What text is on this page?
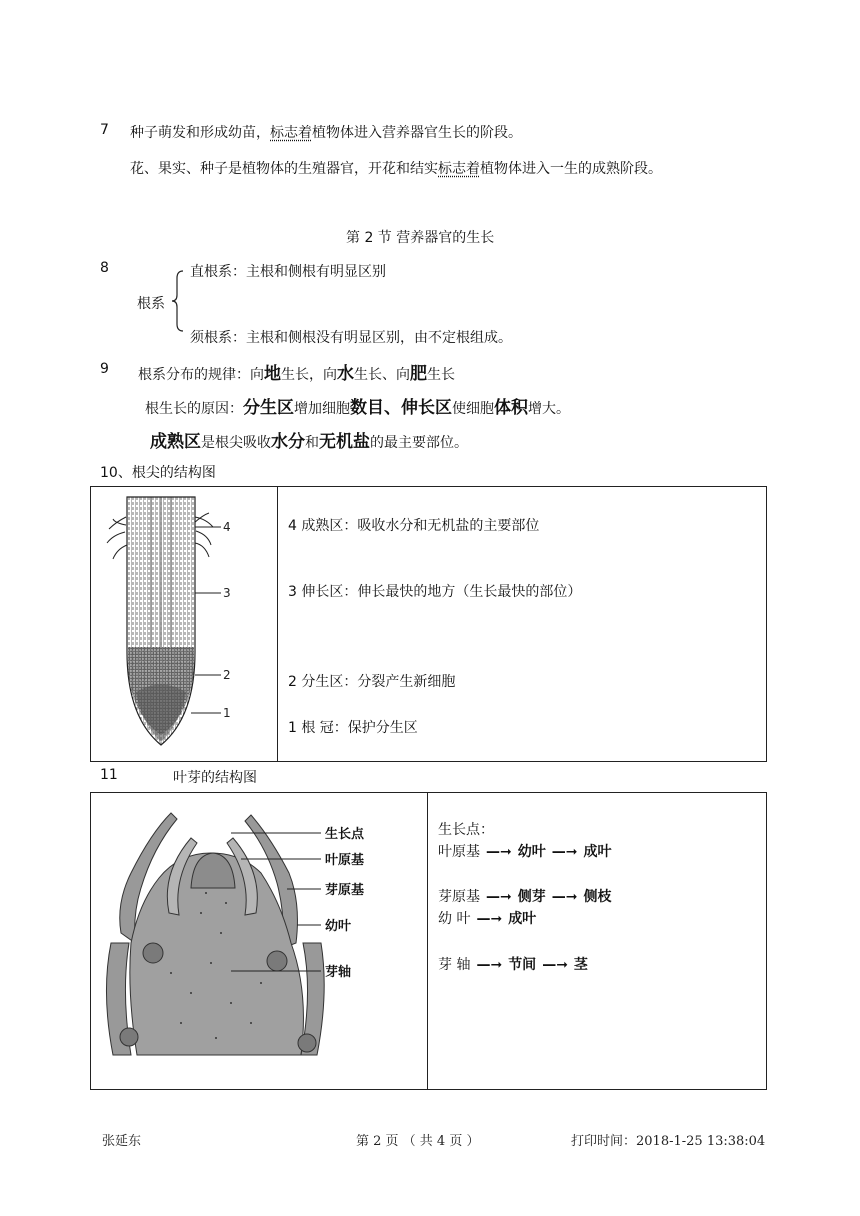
7 种子萌发和形成幼苗，标志着植物体进入营养器官生长的阶段。
花、果实、种子是植物体的生殖器官，开花和结实标志着植物体进入一生的成熟阶段。
第 2 节 营养器官的生长
8
根系
直根系：主根和侧根有明显区别
须根系：主根和侧根没有明显区别，由不定根组成。
9 根系分布的规律：向地生长，向水生长、向肥生长
根生长的原因：分生区增加细胞数目、伸长区使细胞体积增大。
成熟区是根尖吸收水分和无机盐的最主要部位。
10、根尖的结构图
4
3
2
1

4 成熟区：吸收水分和无机盐的主要部位
3 伸长区：伸长最快的地方（生长最快的部位）
2 分生区：分裂产生新细胞
1 根 冠：保护分生区
11	叶芽的结构图
生长点
叶原基
芽原基
幼叶
芽轴

生长点：
叶原基 —➞ 幼叶 —➞ 成叶
芽原基 —➞ 侧芽 —➞ 侧枝
幼 叶 —➞ 成叶
芽 轴 —➞ 节间 —➞ 茎
张延东	第 2 页 （ 共 4 页 ）	打印时间：2018-1-25 13:38:04
